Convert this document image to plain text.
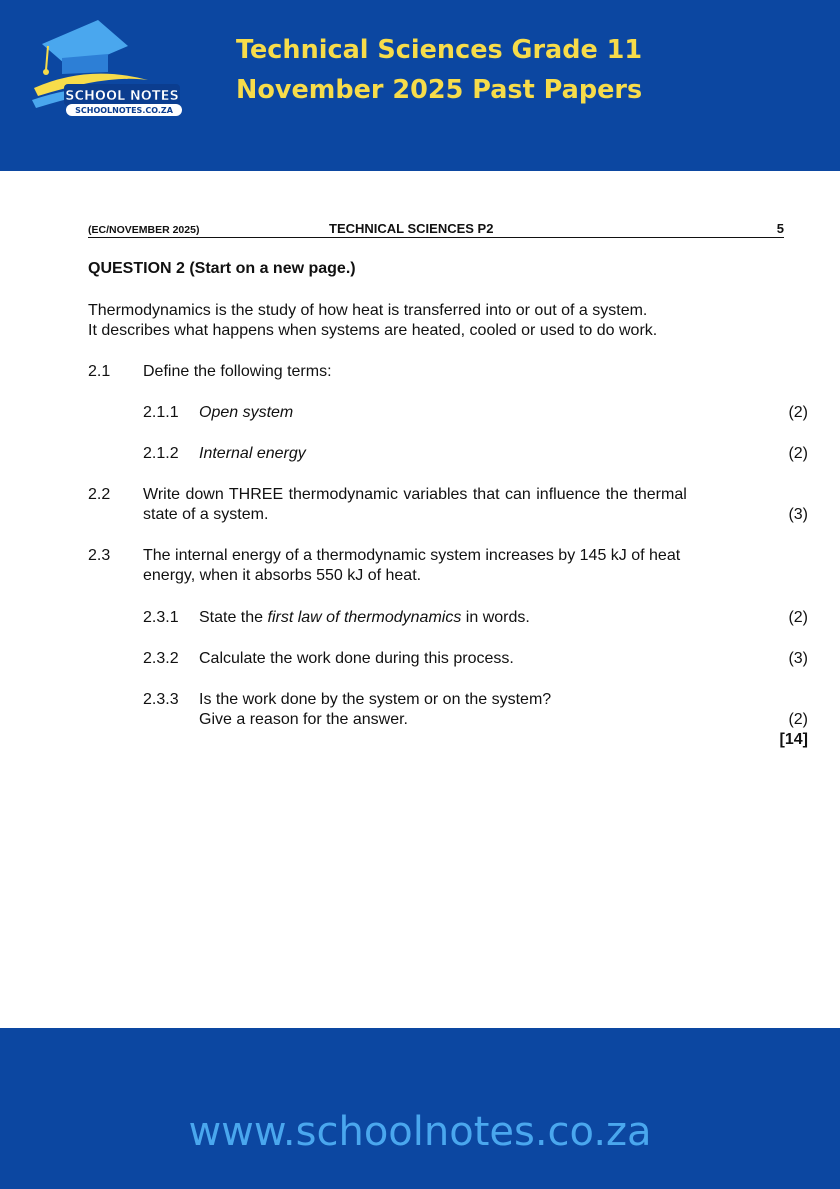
SCHOOL NOTES
SCHOOLNOTES.CO.ZA
Technical Sciences Grade 11
November 2025 Past Papers
(EC/NOVEMBER 2025)	TECHNICAL SCIENCES P2	5
QUESTION 2 (Start on a new page.)
Thermodynamics is the study of how heat is transferred into or out of a system.
It describes what happens when systems are heated, cooled or used to do work.
2.1 Define the following terms:
2.1.1 Open system	(2)
2.1.2 Internal energy	(2)
2.2 Write down THREE thermodynamic variables that can influence the thermal
state of a system.	(3)
2.3 The internal energy of a thermodynamic system increases by 145 kJ of heat
energy, when it absorbs 550 kJ of heat.
2.3.1 State the first law of thermodynamics in words.	(2)
2.3.2 Calculate the work done during this process.	(3)
2.3.3 Is the work done by the system or on the system?
Give a reason for the answer.	(2)
[14]

www.schoolnotes.co.za
